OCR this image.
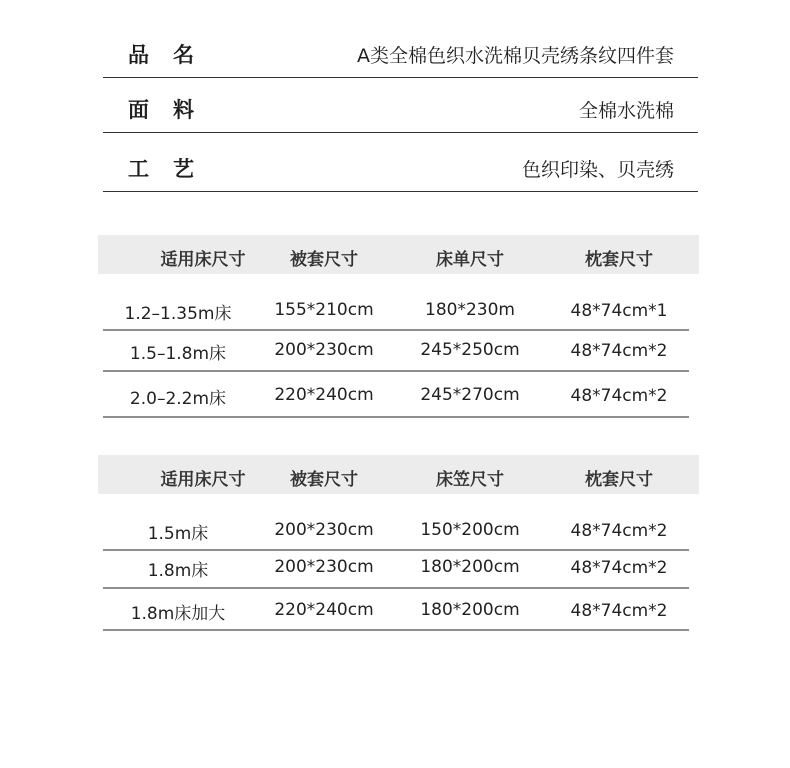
品名	A类全棉色织水洗棉贝壳绣条纹四件套
面料	全棉水洗棉
工艺	色织印染、贝壳绣
适用床尺寸	被套尺寸	床单尺寸	枕套尺寸
1.2–1.35m床	155*210cm	180*230m	48*74cm*1
1.5–1.8m床	200*230cm	245*250cm	48*74cm*2
2.0–2.2m床	220*240cm	245*270cm	48*74cm*2
适用床尺寸	被套尺寸	床笠尺寸	枕套尺寸
1.5m床	200*230cm	150*200cm	48*74cm*2
1.8m床	200*230cm	180*200cm	48*74cm*2
1.8m床加大	220*240cm	180*200cm	48*74cm*2
